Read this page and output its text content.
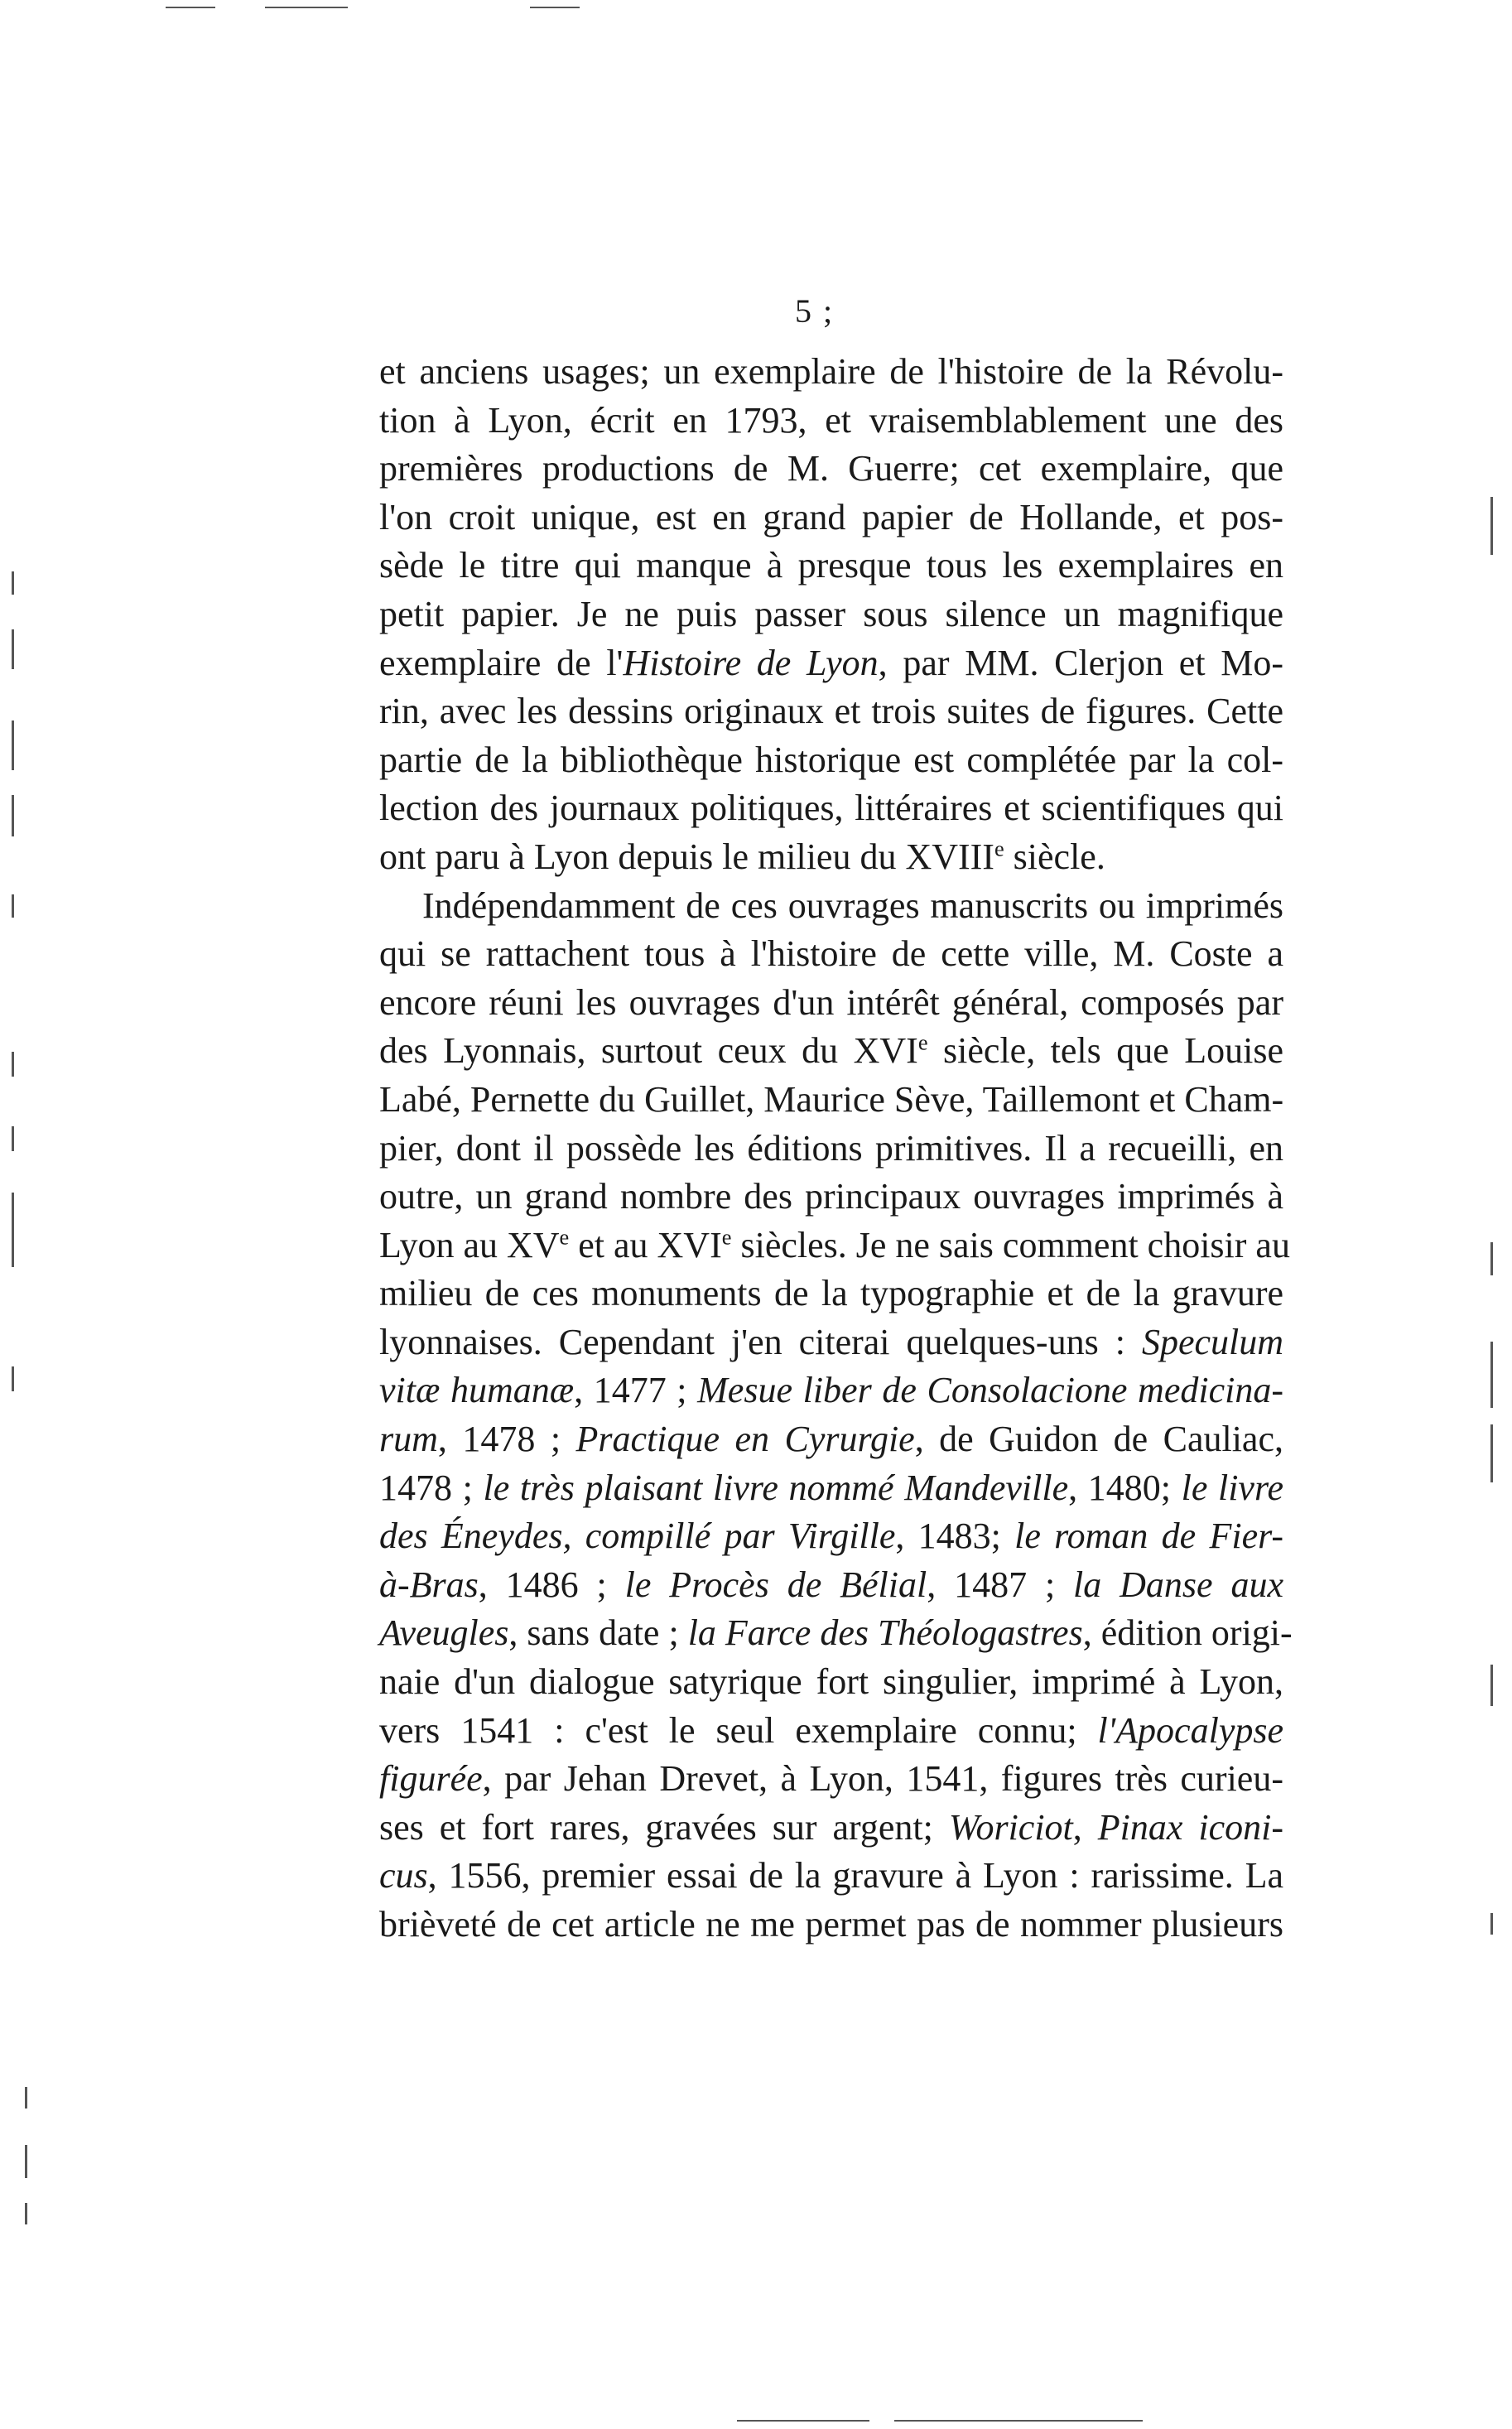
5 ;
et anciens usages; un exemplaire de l'histoire de la Révolu-
tion à Lyon, écrit en 1793, et vraisemblablement une des
premières productions de M. Guerre; cet exemplaire, que
l'on croit unique, est en grand papier de Hollande, et pos-
sède le titre qui manque à presque tous les exemplaires en
petit papier. Je ne puis passer sous silence un magnifique
exemplaire de l'Histoire de Lyon, par MM. Clerjon et Mo-
rin, avec les dessins originaux et trois suites de figures. Cette
partie de la bibliothèque historique est complétée par la col-
lection des journaux politiques, littéraires et scientifiques qui
ont paru à Lyon depuis le milieu du XVIIIe siècle.
Indépendamment de ces ouvrages manuscrits ou imprimés
qui se rattachent tous à l'histoire de cette ville, M. Coste a
encore réuni les ouvrages d'un intérêt général, composés par
des Lyonnais, surtout ceux du XVIe siècle, tels que Louise
Labé, Pernette du Guillet, Maurice Sève, Taillemont et Cham-
pier, dont il possède les éditions primitives. Il a recueilli, en
outre, un grand nombre des principaux ouvrages imprimés à
Lyon au XVe et au XVIe siècles. Je ne sais comment choisir au
milieu de ces monuments de la typographie et de la gravure
lyonnaises. Cependant j'en citerai quelques-uns : Speculum
vitæ humanæ, 1477 ; Mesue liber de Consolacione medicina-
rum, 1478 ; Practique en Cyrurgie, de Guidon de Cauliac,
1478 ; le très plaisant livre nommé Mandeville, 1480; le livre
des Éneydes, compillé par Virgille, 1483; le roman de Fier-
à-Bras, 1486 ; le Procès de Bélial, 1487 ; la Danse aux
Aveugles, sans date ; la Farce des Théologastres, édition origi-
naie d'un dialogue satyrique fort singulier, imprimé à Lyon,
vers 1541 : c'est le seul exemplaire connu; l'Apocalypse
figurée, par Jehan Drevet, à Lyon, 1541, figures très curieu-
ses et fort rares, gravées sur argent; Woriciot, Pinax iconi-
cus, 1556, premier essai de la gravure à Lyon : rarissime. La
brièveté de cet article ne me permet pas de nommer plusieurs
